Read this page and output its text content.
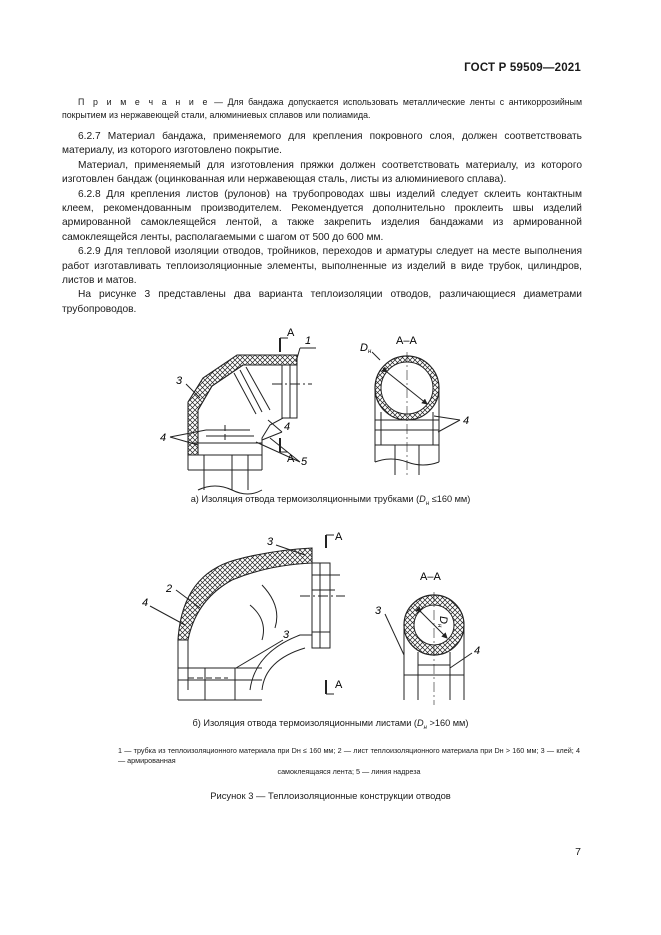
ГОСТ Р 59509—2021

П р и м е ч а н и е — Для бандажа допускается использовать металлические ленты с антикоррозийным покрытием из нержавеющей стали, алюминиевых сплавов или полиамида.

6.2.7 Материал бандажа, применяемого для крепления покровного слоя, должен соответствовать материалу, из которого изготовлено покрытие.

Материал, применяемый для изготовления пряжки должен соответствовать материалу, из которого изготовлен бандаж (оцинкованная или нержавеющая сталь, листы из алюминиевого сплава).

6.2.8 Для крепления листов (рулонов) на трубопроводах швы изделий следует склеить контактным клеем, рекомендованным производителем. Рекомендуется дополнительно проклеить швы изделий армированной самоклеящейся лентой, а также закрепить изделия бандажами из армированной самоклеящейся ленты, располагаемыми с шагом от 500 до 600 мм.

6.2.9 Для тепловой изоляции отводов, тройников, переходов и арматуры следует на месте выполнения работ изготавливать теплоизоляционные элементы, выполненные из изделий в виде трубок, цилиндров, листов и матов.

На рисунке 3 представлены два варианта теплоизоляции отводов, различающиеся диаметрами трубопроводов.

А
А
1
3
4
4
5
А–А
Dн
4
А
А
3
2
4
3
А–А
Dн
3
4
а) Изоляция отвода термоизоляционными трубками ($D_н \le 160$ мм)
б) Изоляция отвода термоизоляционными листами ($D_н >160$ мм)
1 — трубка из теплоизоляционного материала при Dн ≤ 160 мм; 2 — лист теплоизоляционного материала при Dн > 160 мм; 3 — клей; 4 — армированная
самоклеящаяся лента; 5 — линия надреза
Рисунок 3 — Теплоизоляционные конструкции отводов
7
